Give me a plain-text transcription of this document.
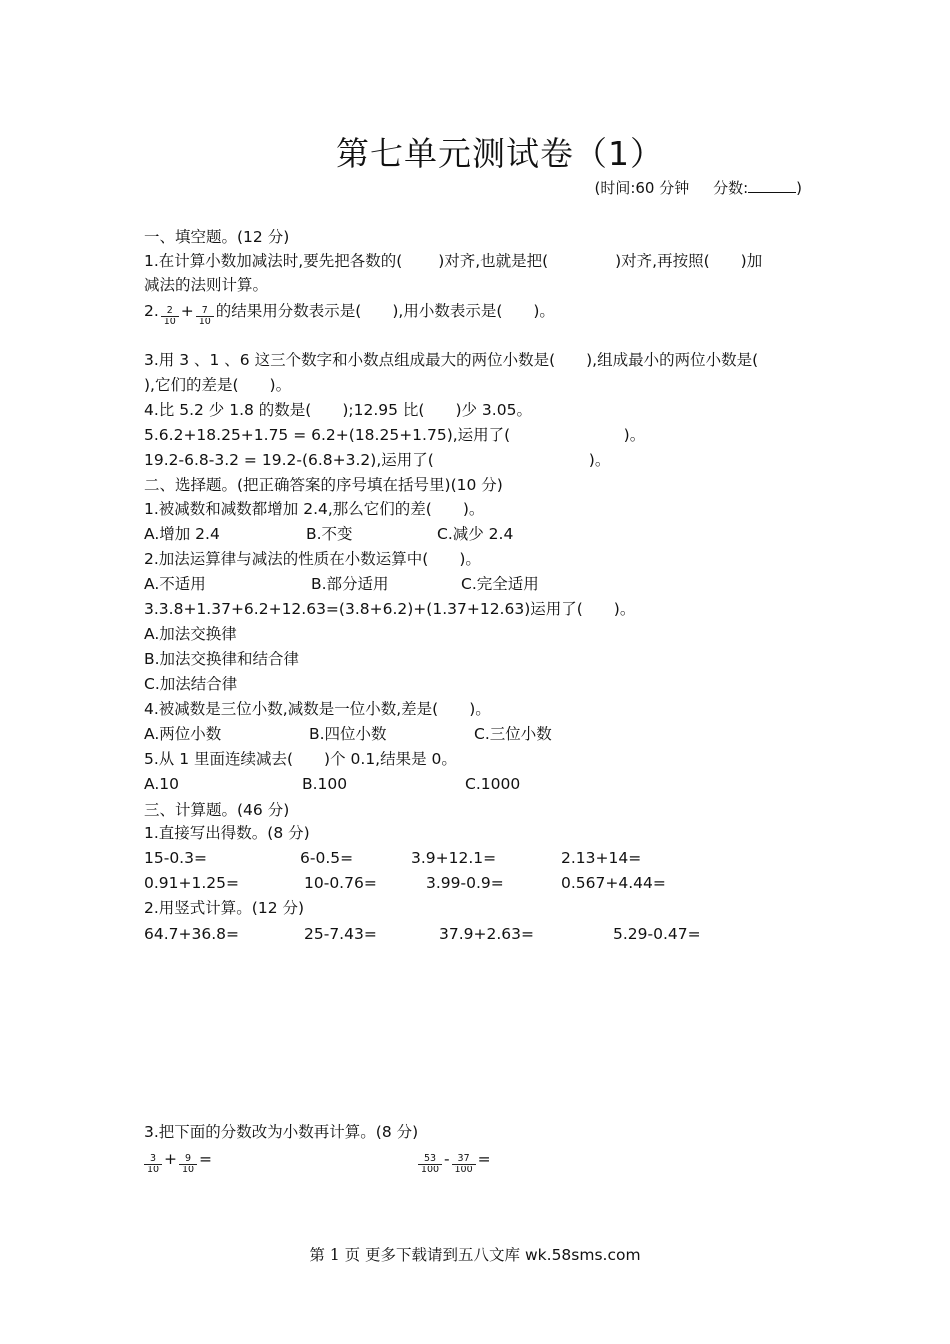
第七单元测试卷（1）
(时间:60 分钟 分数:	)
一、填空题。(12 分)
1.在计算小数加减法时,要先把各数的(　　 )对齐,也就是把(　　　　 )对齐,再按照(　　)加
减法的法则计算。
2. $\frac{2}{10} + \frac{7}{10}$ 的结果用分数表示是(　　),用小数表示是(　　)。
3.用 3 、1 、6 这三个数字和小数点组成最大的两位小数是(　　),组成最小的两位小数是(
),它们的差是(　　)。
4.比 5.2 少 1.8 的数是(　　);12.95 比(　　)少 3.05。
5.6.2+18.25+1.75 = 6.2+(18.25+1.75),运用了(　　　　　　　 )。
19.2-6.8-3.2 = 19.2-(6.8+3.2),运用了(　　　　　　　　　　)。
二、选择题。(把正确答案的序号填在括号里)(10 分)
1.被减数和减数都增加 2.4,那么它们的差(　　)。
A.增加 2.4	B.不变	C.减少 2.4
2.加法运算律与减法的性质在小数运算中(　　)。
A.不适用	B.部分适用	C.完全适用
3.3.8+1.37+6.2+12.63=(3.8+6.2)+(1.37+12.63)运用了(　　)。
A.加法交换律
B.加法交换律和结合律
C.加法结合律
4.被减数是三位小数,减数是一位小数,差是(　　)。
A.两位小数	B.四位小数	C.三位小数
5.从 1 里面连续减去(　　)个 0.1,结果是 0。
A.10	B.100	C.1000
三、计算题。(46 分)
1.直接写出得数。(8 分)
15-0.3=	6-0.5=	3.9+12.1=	2.13+14=
0.91+1.25=	10-0.76=	3.99-0.9=	0.567+4.44=
2.用竖式计算。(12 分)
64.7+36.8=	25-7.43=	37.9+2.63=	5.29-0.47=
3.把下面的分数改为小数再计算。(8 分)
$\frac{3}{10} + \frac{9}{10}$ =	$\frac{53}{100} - \frac{37}{100}$ =
第 1 页 更多下载请到五八文库 wk.58sms.com
